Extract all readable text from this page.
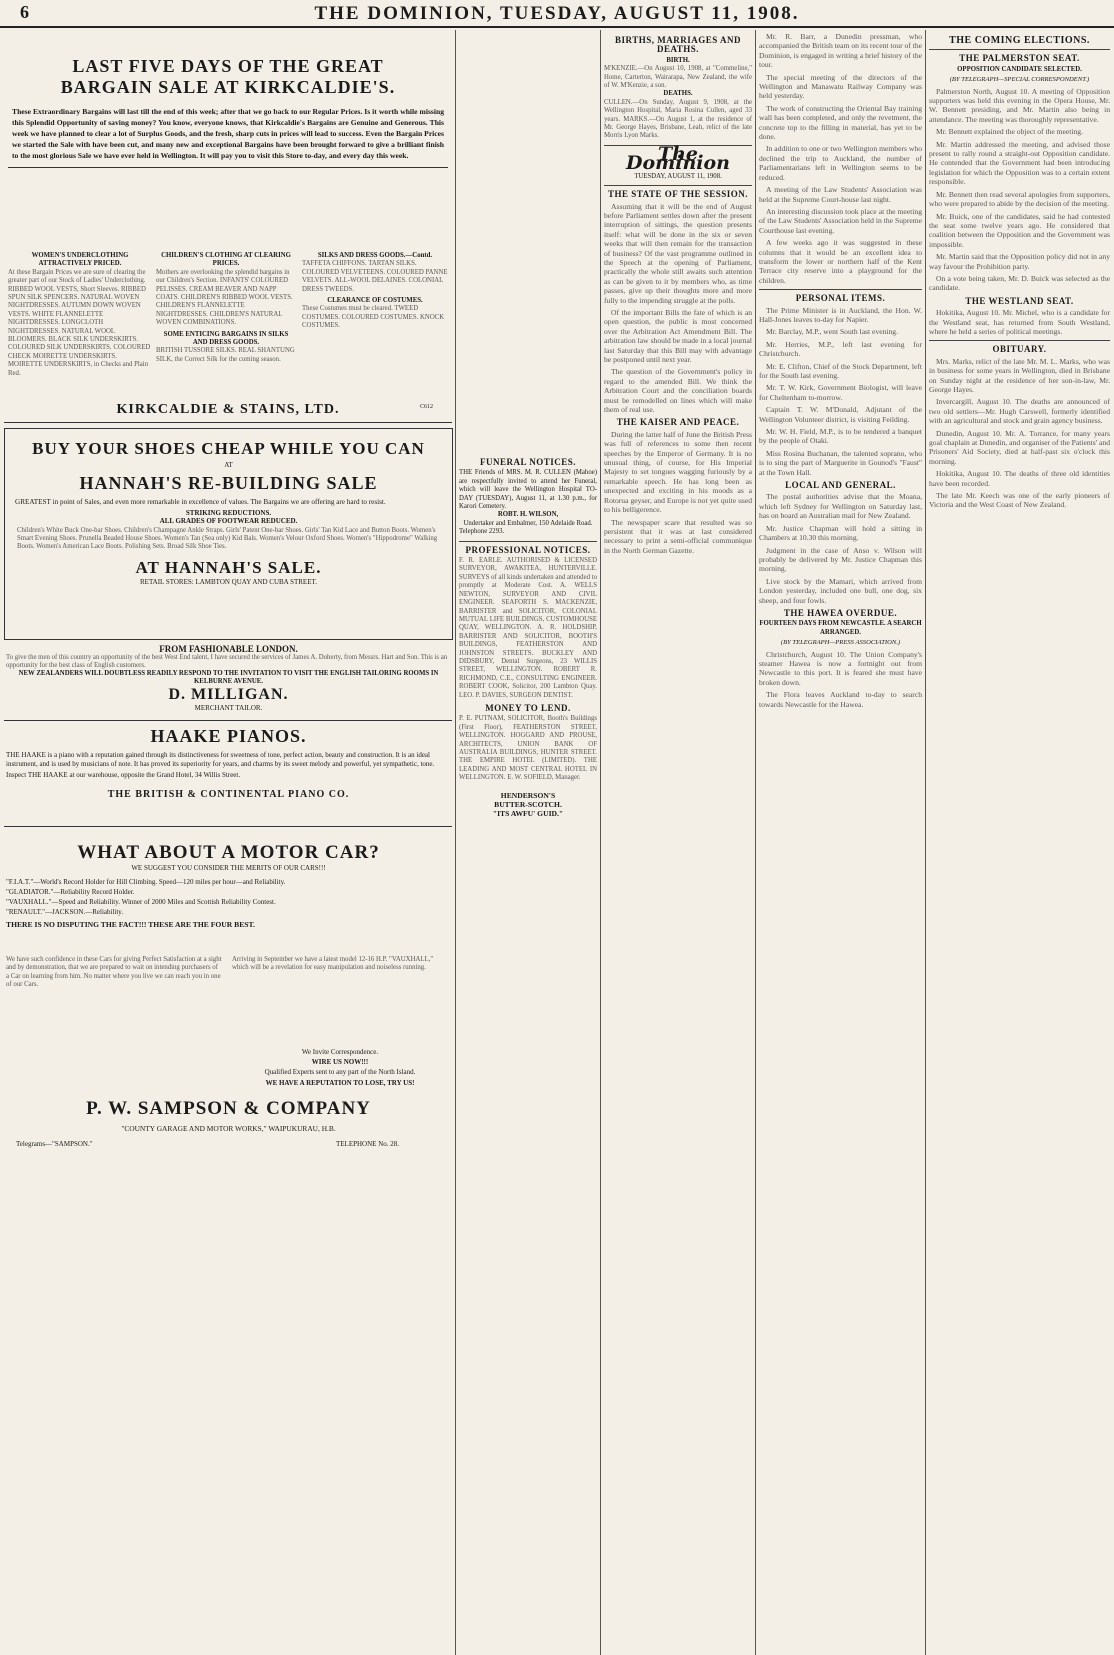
6	THE DOMINION, TUESDAY, AUGUST 11, 1908.
LAST FIVE DAYS OF THE GREAT BARGAIN SALE AT KIRKCALDIE'S.
These Extraordinary Bargains will last till the end of this week; after that we go back to our Regular Prices. Is it worth while missing this Splendid Opportunity of saving money? You know, everyone knows, that Kirkcaldie's Bargains are Genuine and Generous. This week we have planned to clear a lot of Surplus Goods, and the fresh, sharp cuts in prices will lead to success. Even the Bargain Prices we started the Sale with have been cut, and many new and exceptional Bargains have been brought forward to give a brilliant finish to the most glorious Sale we have ever held in Wellington. It will pay you to visit this Store to-day, and every day this week.
WOMEN'S UNDERCLOTHING ATTRACTIVELY PRICED.
At these Bargain Prices we are sure of clearing the greater part of our Stock of Ladies' Underclothing. RIBBED WOOL VESTS, Short Sleeves. RIBBED SPUN SILK SPENCERS. NATURAL WOVEN NIGHTDRESSES. AUTUMN DOWN WOVEN VESTS. WHITE FLANNELETTE NIGHTDRESSES. LONGCLOTH NIGHTDRESSES. NATURAL WOOL BLOOMERS. BLACK SILK UNDERSKIRTS. COLOURED SILK UNDERSKIRTS. COLOURED CHECK MOIRETTE UNDERSKIRTS. MOIRETTE UNDERSKIRTS, in Checks and Plain Red.
CHILDREN'S CLOTHING AT CLEARING PRICES.
Mothers are overlooking the splendid bargains in our Children's Section. INFANTS' COLOURED PELISSES. CREAM BEAVER AND NAPP COATS. CHILDREN'S RIBBED WOOL VESTS. CHILDREN'S FLANNELETTE NIGHTDRESSES. CHILDREN'S NATURAL WOVEN COMBINATIONS.
SOME ENTICING BARGAINS IN SILKS AND DRESS GOODS.
BRITISH TUSSORE SILKS. REAL SHANTUNG SILK, the Correct Silk for the coming season.
SILKS AND DRESS GOODS.—Contd.
TAFFETA CHIFFONS. TARTAN SILKS. COLOURED VELVETEENS. COLOURED PANNE VELVETS. ALL-WOOL DELAINES. COLONIAL DRESS TWEEDS.
CLEARANCE OF COSTUMES.
These Costumes must be cleared. TWEED COSTUMES. COLOURED COSTUMES. KNOCK COSTUMES.
KIRKCALDIE & STAINS, LTD.	C612
BUY YOUR SHOES CHEAP WHILE YOU CAN
AT
HANNAH'S RE-BUILDING SALE
GREATEST in point of Sales, and even more remarkable in excellence of values. The Bargains we are offering are hard to resist.
STRIKING REDUCTIONS.
ALL GRADES OF FOOTWEAR REDUCED.
Children's White Buck One-bar Shoes. Children's Champagne Ankle Straps. Girls' Patent One-bar Shoes. Girls' Tan Kid Lace and Button Boots. Women's Smart Evening Shoes. Prunella Beaded House Shoes. Women's Tan (Sea only) Kid Bals. Women's Velour Oxford Shoes. Women's "Hippodrome" Walking Boots. Women's American Lace Boots. Polishing Sets. Broad Silk Shoe Ties.
AT HANNAH'S SALE.
RETAIL STORES: LAMBTON QUAY AND CUBA STREET.
FROM FASHIONABLE LONDON.
To give the men of this country an opportunity of the best West End talent, I have secured the services of James A. Doherty, from Messrs. Hart and Son. This is an opportunity for the best class of English customers.
NEW ZEALANDERS WILL DOUBTLESS READILY RESPOND TO THE INVITATION TO VISIT THE ENGLISH TAILORING ROOMS IN KELBURNE AVENUE.
D. MILLIGAN.
MERCHANT TAILOR.
HAAKE PIANOS.
THE HAAKE is a piano with a reputation gained through its distinctiveness for sweetness of tone, perfect action, beauty and construction. It is an ideal instrument, and is used by musicians of note. It has proved its superiority for years, and charms by its sweet melody and powerful, yet sympathetic, tone.
Inspect THE HAAKE at our warehouse, opposite the Grand Hotel, 34 Willis Street.
THE BRITISH & CONTINENTAL PIANO CO.
WHAT ABOUT A MOTOR CAR?
WE SUGGEST YOU CONSIDER THE MERITS OF OUR CARS!!!
"F.I.A.T."—World's Record Holder for Hill Climbing. Speed—120 miles per hour—and Reliability.
"GLADIATOR."—Reliability Record Holder.
"VAUXHALL."—Speed and Reliability. Winner of 2000 Miles and Scottish Reliability Contest.
"RENAULT."—JACKSON.—Reliability.
THERE IS NO DISPUTING THE FACT!!! THESE ARE THE FOUR BEST.
We have such confidence in these Cars for giving Perfect Satisfaction at a sight and by demonstration, that we are prepared to wait on intending purchasers of a Car on learning from him. No matter where you live we can reach you in one of our Cars.
Arriving in September we have a latest model 12-16 H.P. "VAUXHALL," which will be a revelation for easy manipulation and noiseless running.
We Invite Correspondence.
WIRE US NOW!!!
Qualified Experts sent to any part of the North Island.
WE HAVE A REPUTATION TO LOSE, TRY US!
P. W. SAMPSON & COMPANY
"COUNTY GARAGE AND MOTOR WORKS," WAIPUKURAU, H.B.
Telegrams—"SAMPSON."	TELEPHONE No. 28.
FUNERAL NOTICES.
THE Friends of MRS. M. R. CULLEN (Mahoe) are respectfully invited to attend her Funeral, which will leave the Wellington Hospital TO-DAY (TUESDAY), August 11, at 1.30 p.m., for Karori Cemetery.
ROBT. H. WILSON,
Undertaker and Embalmer, 150 Adelaide Road.
Telephone 2293.
PROFESSIONAL NOTICES.
F. R. EARLE. AUTHORISED & LICENSED SURVEYOR, AWAKITEA, HUNTERVILLE. SURVEYS of all kinds undertaken and attended to promptly at Moderate Cost. A. WELLS NEWTON, SURVEYOR AND CIVIL ENGINEER. SEAFORTH S. MACKENZIE, BARRISTER and SOLICITOR, COLONIAL MUTUAL LIFE BUILDINGS, CUSTOMHOUSE QUAY, WELLINGTON. A. R. HOLDSHIP, BARRISTER AND SOLICITOR, BOOTH'S BUILDINGS, FEATHERSTON AND JOHNSTON STREETS. BUCKLEY AND DIDSBURY, Dental Surgeons, 23 WILLIS STREET, WELLINGTON. ROBERT R. RICHMOND, C.E., CONSULTING ENGINEER. ROBERT COOK, Solicitor, 200 Lambton Quay. LEO. P. DAVIES, SURGEON DENTIST.
MONEY TO LEND.
P. E. PUTNAM, SOLICITOR, Booth's Buildings (First Floor), FEATHERSTON STREET, WELLINGTON. HOGGARD AND PROUSE, ARCHITECTS, UNION BANK OF AUSTRALIA BUILDINGS, HUNTER STREET. THE EMPIRE HOTEL (LIMITED). THE LEADING AND MOST CENTRAL HOTEL IN WELLINGTON. E. W. SOFIELD, Manager.
HENDERSON'S
BUTTER-SCOTCH.
"ITS AWFU' GUID."
BIRTHS, MARRIAGES AND DEATHS.
BIRTH.
M'KENZIE.—On August 10, 1908, at "Commeline," Home, Carterton, Wairarapa, New Zealand, the wife of W. M'Kenzie, a son.
DEATHS.
CULLEN.—On Sunday, August 9, 1908, at the Wellington Hospital, Maria Rosina Cullen, aged 33 years. MARKS.—On August 1, at the residence of Mr. George Hayes, Brisbane, Leah, relict of the late Morris Lyon Marks.
The Dominion
TUESDAY, AUGUST 11, 1908.
THE STATE OF THE SESSION.

Assuming that it will be the end of August before Parliament settles down after the present interruption of sittings, the question presents itself: what will be done in the six or seven weeks that will then remain for the transaction of business? Of the vast programme outlined in the Speech at the opening of Parliament, practically the whole still awaits such attention as can be given to it by members who, as time passes, give up their thoughts more and more fully to the impending struggle at the polls.

Of the important Bills the fate of which is an open question, the public is most concerned over the Arbitration Act Amendment Bill. The arbitration law should be made in a local journal last Saturday that this Bill may with advantage be postponed until next year.

The question of the Government's policy in regard to the amended Bill. We think the Arbitration Court and the conciliation boards must be remodelled on lines which will make them of real use.

THE KAISER AND PEACE.

During the latter half of June the British Press was full of references to some then recent speeches by the Emperor of Germany. It is no unusual thing, of course, for His Imperial Majesty to set tongues wagging furiously by a remarkable speech. He has long been as unexpected and exciting in his moods as a Rotorua geyser, and Europe is not yet quite used to his belligerence.

The newspaper scare that resulted was so persistent that it was at last considered necessary to print a semi-official communique in the North German Gazette.

Mr. R. Barr, a Dunedin pressman, who accompanied the British team on its recent tour of the Dominion, is engaged in writing a brief history of the tour.

The special meeting of the directors of the Wellington and Manawatu Railway Company was held yesterday.

The work of constructing the Oriental Bay training wall has been completed, and only the revetment, the concrete top to the filling in material, has yet to be done.

In addition to one or two Wellington members who declined the trip to Auckland, the number of Parliamentarians left in Wellington seems to be reduced.

A meeting of the Law Students' Association was held at the Supreme Court-house last night.

An interesting discussion took place at the meeting of the Law Students' Association held in the Supreme Courthouse last evening.

A few weeks ago it was suggested in these columns that it would be an excellent idea to transform the lower or northern half of the Kent Terrace city reserve into a playground for the children.

PERSONAL ITEMS.

The Prime Minister is in Auckland, the Hon. W. Hall-Jones leaves to-day for Napier.

Mr. Barclay, M.P., went South last evening.

Mr. Herries, M.P., left last evening for Christchurch.

Mr. E. Clifton, Chief of the Stock Department, left for the South last evening.

Mr. T. W. Kirk, Government Biologist, will leave for Cheltenham to-morrow.

Captain T. W. M'Donald, Adjutant of the Wellington Volunteer district, is visiting Feilding.

Mr. W. H. Field, M.P., is to be tendered a banquet by the people of Otaki.

Miss Rosina Buchanan, the talented soprano, who is to sing the part of Marguerite in Gounod's "Faust" at the Town Hall.

LOCAL AND GENERAL.

The postal authorities advise that the Moana, which left Sydney for Wellington on Saturday last, has on board an Australian mail for New Zealand.

Mr. Justice Chapman will hold a sitting in Chambers at 10.30 this morning.

Judgment in the case of Anso v. Wilson will probably be delivered by Mr. Justice Chapman this morning.

Live stock by the Mamari, which arrived from London yesterday, included one bull, one dog, six sheep, and four fowls.

THE HAWEA OVERDUE.
FOURTEEN DAYS FROM NEWCASTLE. A SEARCH ARRANGED.
(BY TELEGRAPH—PRESS ASSOCIATION.)

Christchurch, August 10. The Union Company's steamer Hawea is now a fortnight out from Newcastle to this port. It is feared she must have broken down.

The Flora leaves Auckland to-day to search towards Newcastle for the Hawea.

THE COMING ELECTIONS.
THE PALMERSTON SEAT.
OPPOSITION CANDIDATE SELECTED.
(BY TELEGRAPH—SPECIAL CORRESPONDENT.)

Palmerston North, August 10. A meeting of Opposition supporters was held this evening in the Opera House, Mr. W. Bennett presiding, and Mr. Martin also being in attendance. The meeting was thoroughly representative.

Mr. Bennett explained the object of the meeting.

Mr. Martin addressed the meeting, and advised those present to rally round a straight-out Opposition candidate. He contended that the Government had been introducing legislation for which the Opposition was to a certain extent responsible.

Mr. Bennett then read several apologies from supporters, who were prepared to abide by the decision of the meeting.

Mr. Buick, one of the candidates, said he had contested the seat some twelve years ago. He considered that coalition between the Opposition and the Government was impossible.

Mr. Martin said that the Opposition policy did not in any way favour the Prohibition party.

On a vote being taken, Mr. D. Buick was selected as the candidate.

THE WESTLAND SEAT.

Hokitika, August 10. Mr. Michel, who is a candidate for the Westland seat, has returned from South Westland, where he held a series of political meetings.

OBITUARY.

Mrs. Marks, relict of the late Mr. M. L. Marks, who was in business for some years in Wellington, died in Brisbane on Sunday night at the residence of her son-in-law, Mr. George Hayes.

Invercargill, August 10. The deaths are announced of two old settlers—Mr. Hugh Carswell, formerly identified with an agricultural and stock and grain agency business.

Dunedin, August 10. Mr. A. Torrance, for many years goal chaplain at Dunedin, and organiser of the Patients' and Prisoners' Aid Society, died at half-past six o'clock this morning.

Hokitika, August 10. The deaths of three old identities have been recorded.

The late Mr. Keech was one of the early pioneers of Victoria and the West Coast of New Zealand.
